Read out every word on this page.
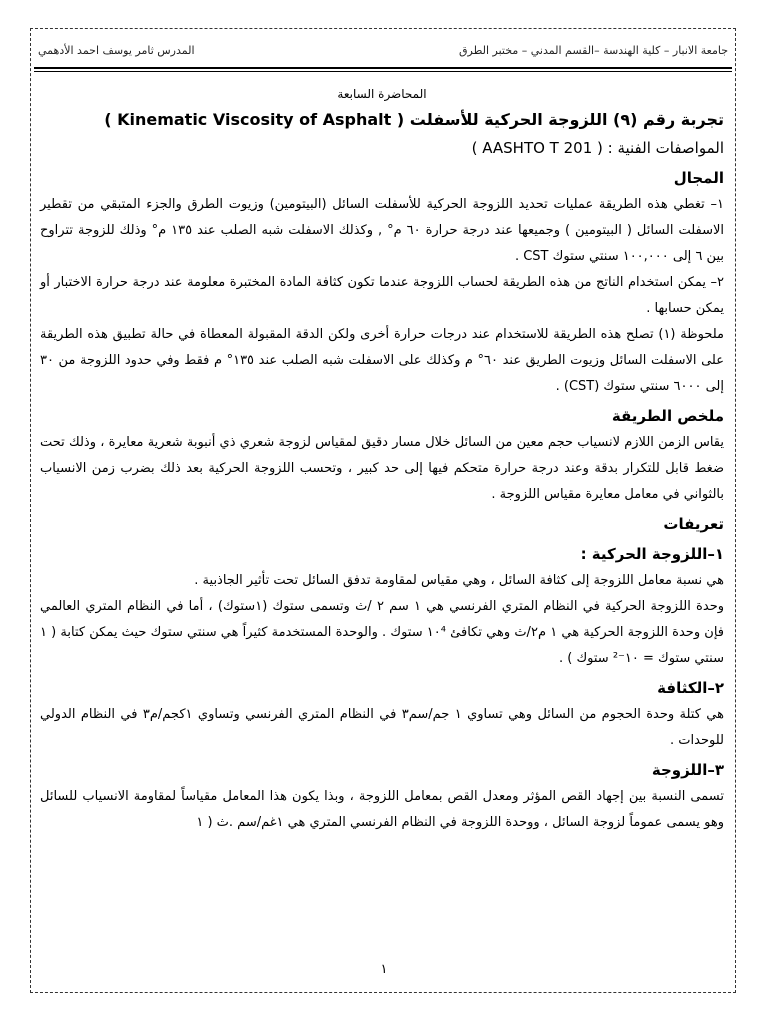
جامعة الانبار – كلية الهندسة –القسم المدني – مختبر الطرق
المدرس ثامر يوسف احمد الأدهمي

المحاضرة السابعة

تجربة رقم (٩) اللزوجة الحركية للأسفلت ( Kinematic Viscosity of Asphalt )

المواصفات الفنية : ( AASHTO T 201 )

المجال

١– تغطي هذه الطريقة عمليات تحديد اللزوجة الحركية للأسفلت السائل (البيتومين) وزيوت الطرق والجزء المتبقي من تقطير الاسفلت السائل ( البيتومين ) وجميعها عند درجة حرارة ٦٠ م° , وكذلك الاسفلت شبه الصلب عند ١٣٥ م° وذلك للزوجة تتراوح بين ٦ إلى ١٠٠,٠٠٠ سنتي ستوك CST .

٢– يمكن استخدام الناتج من هذه الطريقة لحساب اللزوجة عندما تكون كثافة المادة المختبرة معلومة عند درجة حرارة الاختبار أو يمكن حسابها .

ملحوظة (١) تصلح هذه الطريقة للاستخدام عند درجات حرارة أخرى ولكن الدقة المقبولة المعطاة في حالة تطبيق هذه الطريقة على الاسفلت السائل وزيوت الطريق عند ٦٠° م وكذلك على الاسفلت شبه الصلب عند ١٣٥° م فقط وفي حدود اللزوجة من ٣٠ إلى ٦٠٠٠ سنتي ستوك (CST) .

ملخص الطريقة

يقاس الزمن اللازم لانسياب حجم معين من السائل خلال مسار دقيق لمقياس لزوجة شعري ذي أنبوبة شعرية معايرة ، وذلك تحت ضغط قابل للتكرار بدقة وعند درجة حرارة متحكم فيها إلى حد كبير ، وتحسب اللزوجة الحركية بعد ذلك بضرب زمن الانسياب بالثواني في معامل معايرة مقياس اللزوجة .

تعريفات

١–اللزوجة الحركية :

هي نسبة معامل اللزوجة إلى كثافة السائل ، وهي مقياس لمقاومة تدفق السائل تحت تأثير الجاذبية .

وحدة اللزوجة الحركية في النظام المتري الفرنسي هي ١ سم ٢ /ث وتسمى ستوك (١ستوك) ، أما في النظام المتري العالمي فإن وحدة اللزوجة الحركية هي ١ م٢/ث وهي تكافئ ١٠⁴ ستوك . والوحدة المستخدمة كثيراً هي سنتي ستوك حيث يمكن كتابة ( ١ سنتي ستوك = ١٠⁻² ستوك ) .

٢–الكثافة

هي كتلة وحدة الحجوم من السائل وهي تساوي ١ جم/سم٣ في النظام المتري الفرنسي وتساوي ١كجم/م٣ في النظام الدولي للوحدات .

٣–اللزوجة

تسمى النسبة بين إجهاد القص المؤثر ومعدل القص بمعامل اللزوجة ، وبذا يكون هذا المعامل مقياساً لمقاومة الانسياب للسائل وهو يسمى عموماً لزوجة السائل ، ووحدة اللزوجة في النظام الفرنسي المتري هي ١غم/سم .ث ( ١

١
